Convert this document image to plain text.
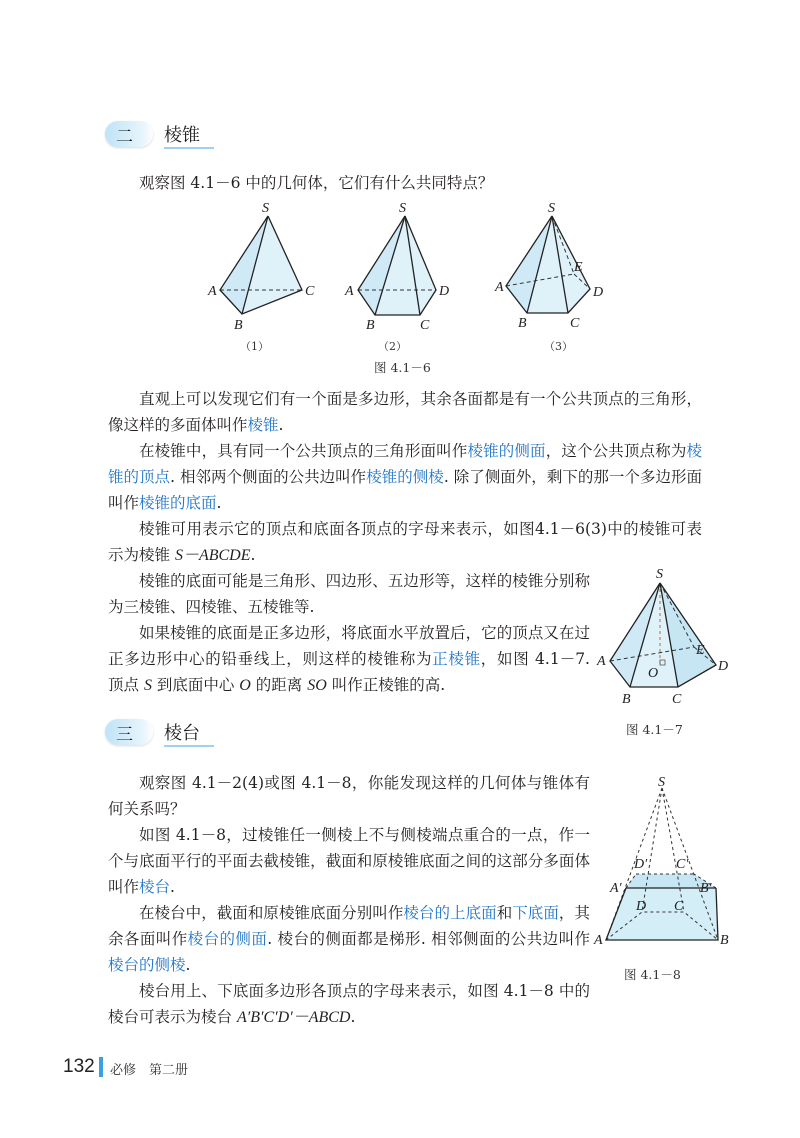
二 棱锥

观察图 4.1－6 中的几何体，它们有什么共同特点？

S
A
B
C
（1）
S
A
B	C
D
（2）
S
A
B	C
D
E
（3）
图 4.1－6

直观上可以发现它们有一个面是多边形，其余各面都是有一个公共顶点的三角形，像这样的多面体叫作棱锥.

在棱锥中，具有同一个公共顶点的三角形面叫作棱锥的侧面，这个公共顶点称为棱锥的顶点. 相邻两个侧面的公共边叫作棱锥的侧棱. 除了侧面外，剩下的那一个多边形面叫作棱锥的底面.

棱锥可用表示它的顶点和底面各顶点的字母来表示，如图4.1－6(3)中的棱锥可表示为棱锥 S－ABCDE.

棱锥的底面可能是三角形、四边形、五边形等，这样的棱锥分别称为三棱锥、四棱锥、五棱锥等.

如果棱锥的底面是正多边形，将底面水平放置后，它的顶点又在过正多边形中心的铅垂线上，则这样的棱锥称为正棱锥，如图 4.1－7. 顶点 S 到底面中心 O 的距离 SO 叫作正棱锥的高.

S
A
B	C
D
E
O
图 4.1－7
三 棱台

观察图 4.1－2(4)或图 4.1－8，你能发现这样的几何体与锥体有何关系吗？

如图 4.1－8，过棱锥任一侧棱上不与侧棱端点重合的一点，作一个与底面平行的平面去截棱锥，截面和原棱锥底面之间的这部分多面体叫作棱台.

在棱台中，截面和原棱锥底面分别叫作棱台的上底面和下底面，其余各面叫作棱台的侧面. 棱台的侧面都是梯形. 相邻侧面的公共边叫作棱台的侧棱.

棱台用上、下底面多边形各顶点的字母来表示，如图 4.1－8 中的棱台可表示为棱台 A′B′C′D′－ABCD.

S
D′ C′
A′	B′
D C
A	B
图 4.1－8
132 必修　第二册
